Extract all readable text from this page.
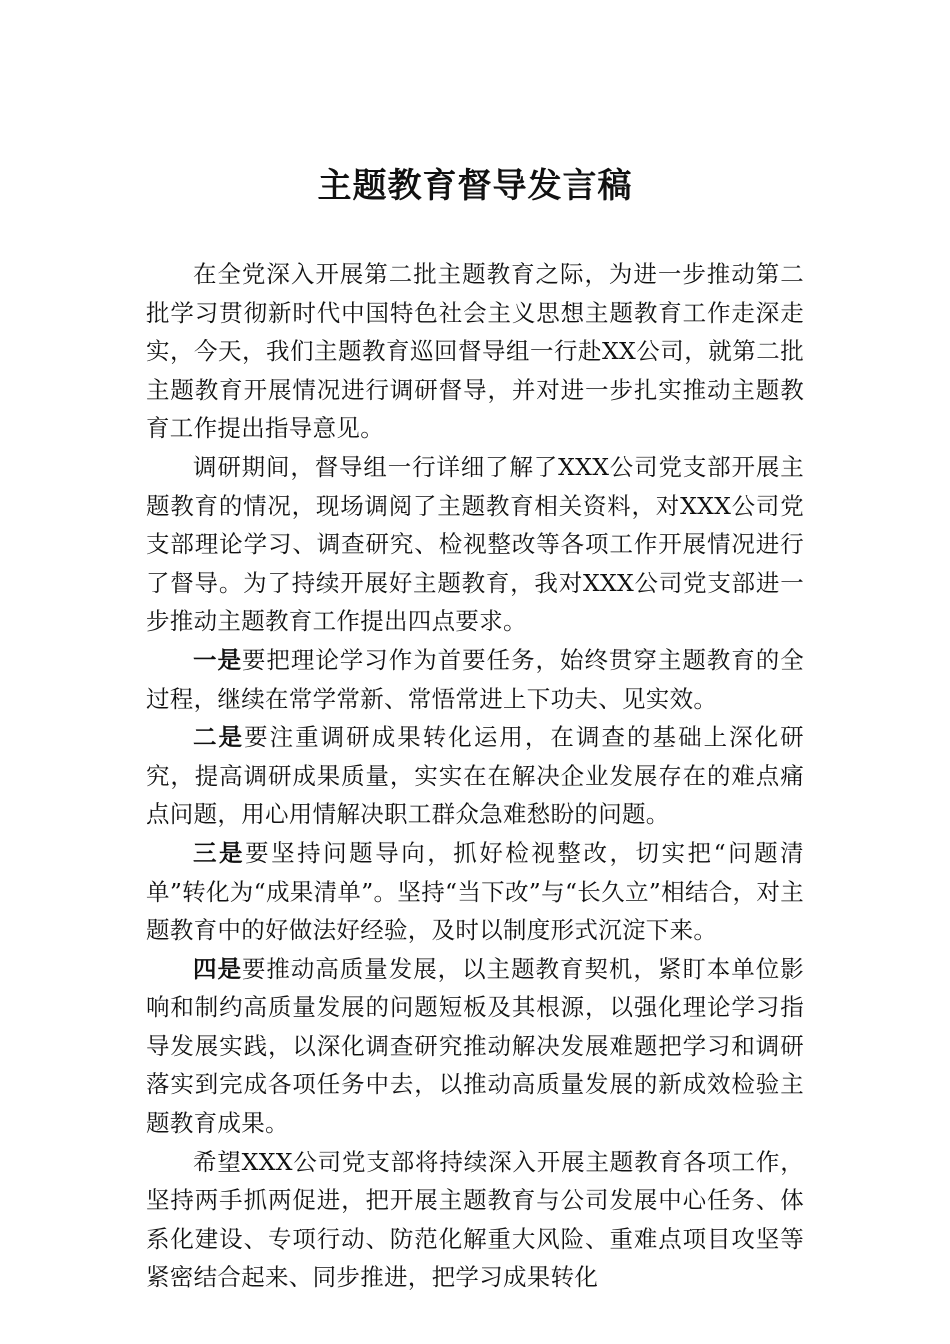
主题教育督导发言稿

在全党深入开展第二批主题教育之际，为进一步推动第二批学习贯彻新时代中国特色社会主义思想主题教育工作走深走实，今天，我们主题教育巡回督导组一行赴XX公司，就第二批主题教育开展情况进行调研督导，并对进一步扎实推动主题教育工作提出指导意见。

调研期间，督导组一行详细了解了XXX公司党支部开展主题教育的情况，现场调阅了主题教育相关资料，对XXX公司党支部理论学习、调查研究、检视整改等各项工作开展情况进行了督导。为了持续开展好主题教育，我对XXX公司党支部进一步推动主题教育工作提出四点要求。

一是要把理论学习作为首要任务，始终贯穿主题教育的全过程，继续在常学常新、常悟常进上下功夫、见实效。

二是要注重调研成果转化运用，在调查的基础上深化研究，提高调研成果质量，实实在在解决企业发展存在的难点痛点问题，用心用情解决职工群众急难愁盼的问题。

三是要坚持问题导向，抓好检视整改，切实把“问题清单”转化为“成果清单”。坚持“当下改”与“长久立”相结合，对主题教育中的好做法好经验，及时以制度形式沉淀下来。

四是要推动高质量发展，以主题教育契机，紧盯本单位影响和制约高质量发展的问题短板及其根源，以强化理论学习指导发展实践，以深化调查研究推动解决发展难题把学习和调研落实到完成各项任务中去，以推动高质量发展的新成效检验主题教育成果。

希望XXX公司党支部将持续深入开展主题教育各项工作，坚持两手抓两促进，把开展主题教育与公司发展中心任务、体系化建设、专项行动、防范化解重大风险、重难点项目攻坚等紧密结合起来、同步推进，把学习成果转化
